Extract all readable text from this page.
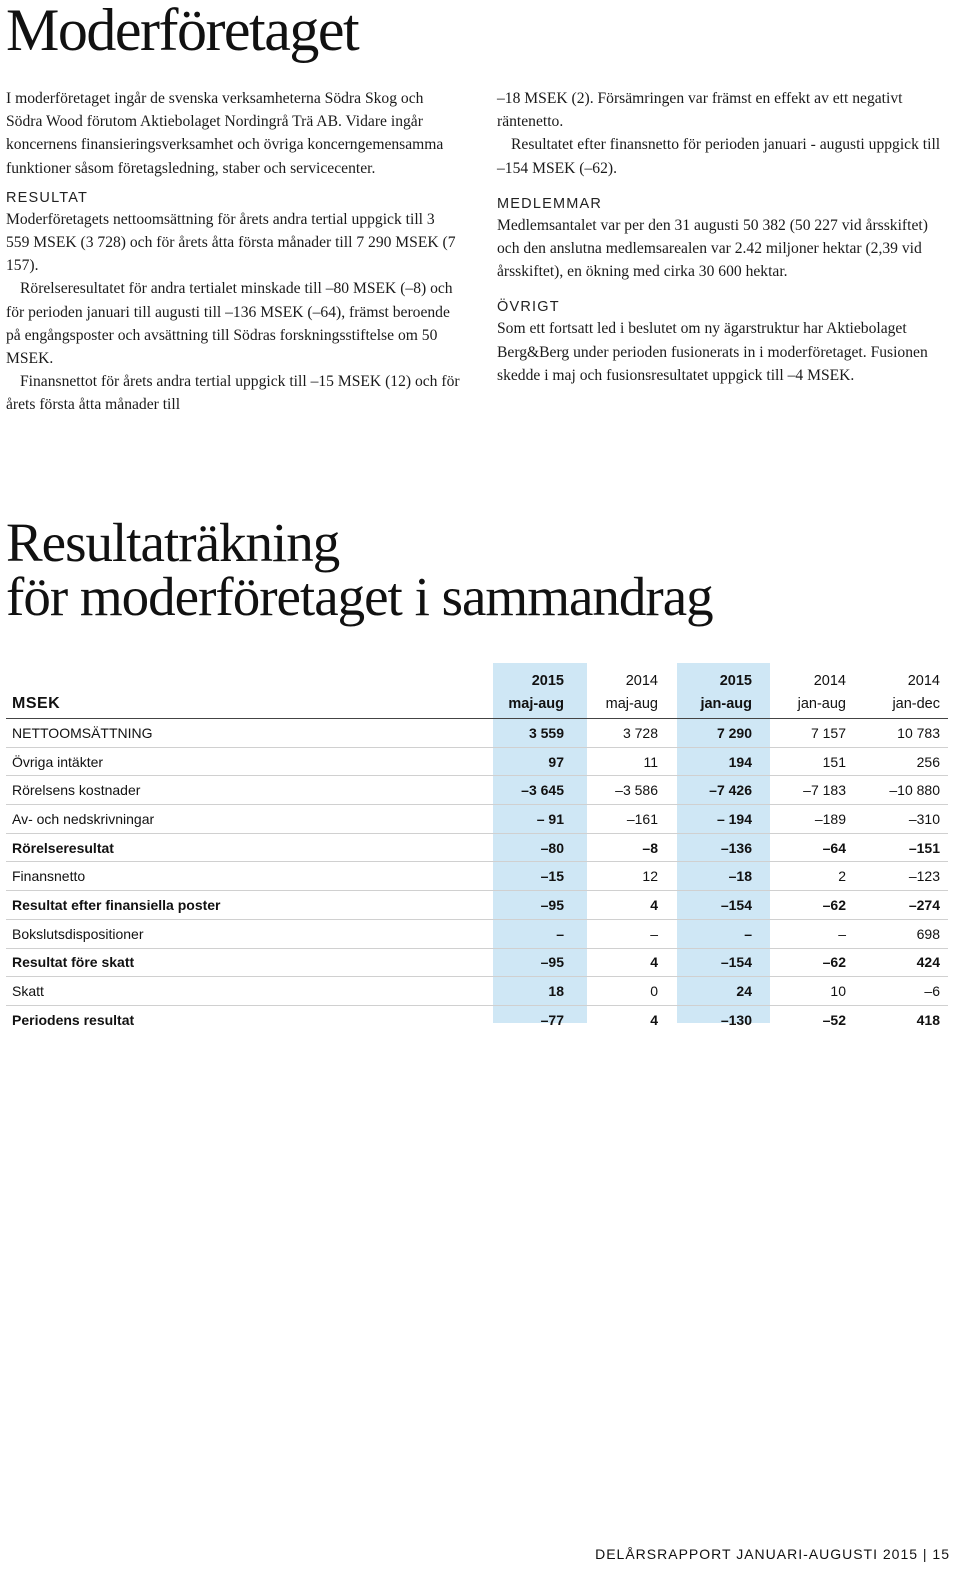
Moderföretaget

I moderföretaget ingår de svenska verksamheterna Södra Skog och Södra Wood förutom Aktiebolaget Nordingrå Trä AB. Vidare ingår koncernens finansieringsverksamhet och övriga koncerngemensamma funktioner såsom företagsledning, staber och servicecenter.

RESULTAT

Moderföretagets nettoomsättning för årets andra tertial uppgick till 3 559 MSEK (3 728) och för årets åtta första månader till 7 290 MSEK (7 157).

Rörelseresultatet för andra tertialet minskade till –80 MSEK (–8) och för perioden januari till augusti till –136 MSEK (–64), främst beroende på engångsposter och avsättning till Södras forskningsstiftelse om 50 MSEK.

Finansnettot för årets andra tertial uppgick till –15 MSEK (12) och för årets första åtta månader till

–18 MSEK (2). Försämringen var främst en effekt av ett negativt räntenetto.

Resultatet efter finansnetto för perioden januari - augusti uppgick till –154 MSEK (–62).

MEDLEMMAR

Medlemsantalet var per den 31 augusti 50 382 (50 227 vid årsskiftet) och den anslutna medlemsarealen var 2.42 miljoner hektar (2,39 vid årsskiftet), en ökning med cirka 30 600 hektar.

ÖVRIGT

Som ett fortsatt led i beslutet om ny ägarstruktur har Aktiebolaget Berg&Berg under perioden fusionerats in i moderföretaget. Fusionen skedde i maj och fusionsresultatet uppgick till –4 MSEK.

Resultaträkning
för moderföretaget i sammandrag
	2015	2014	2015	2014	2014
MSEK	maj-aug	maj-aug	jan-aug	jan-aug	jan-dec
NETTOOMSÄTTNING	3 559	3 728	7 290	7 157	10 783
Övriga intäkter	97	11	194	151	256
Rörelsens kostnader	–3 645	–3 586	–7 426	–7 183	–10 880
Av- och nedskrivningar	– 91	–161	– 194	–189	–310
Rörelseresultat	–80	–8	–136	–64	–151
Finansnetto	–15	12	–18	2	–123
Resultat efter finansiella poster	–95	4	–154	–62	–274
Bokslutsdispositioner	–	–	–	–	698
Resultat före skatt	–95	4	–154	–62	424
Skatt	18	0	24	10	–6
Periodens resultat	–77	4	–130	–52	418
DELÅRSRAPPORT JANUARI-AUGUSTI 2015 | 15
